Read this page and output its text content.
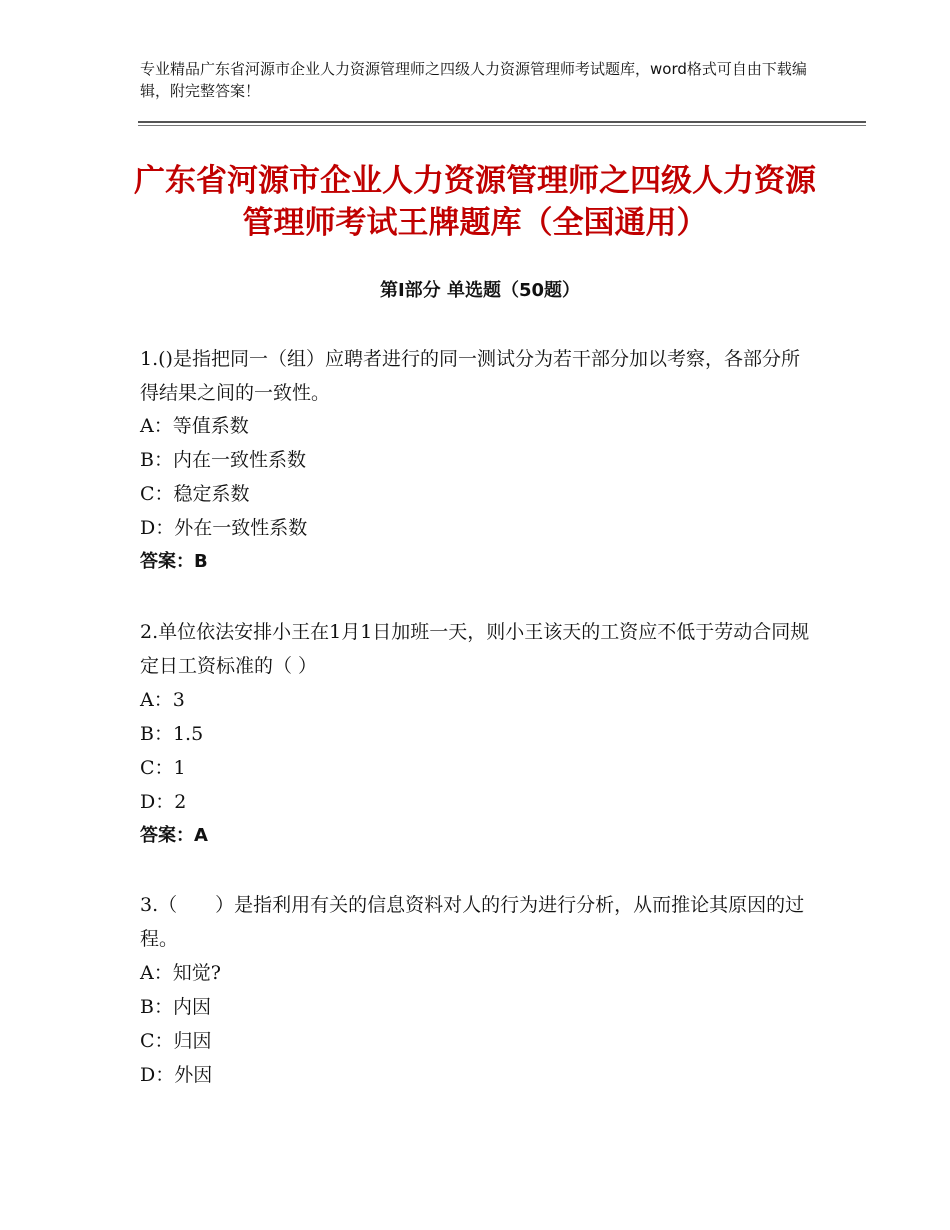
专业精品广东省河源市企业人力资源管理师之四级人力资源管理师考试题库，word格式可自由下载编辑，附完整答案！
广东省河源市企业人力资源管理师之四级人力资源管理师考试王牌题库（全国通用）
第Ⅰ部分 单选题（50题）
1.()是指把同一（组）应聘者进行的同一测试分为若干部分加以考察，各部分所得结果之间的一致性。
A：等值系数
B：内在一致性系数
C：稳定系数
D：外在一致性系数
答案：B
2.单位依法安排小王在1月1日加班一天，则小王该天的工资应不低于劳动合同规定日工资标准的（ ）
A：3
B：1.5
C：1
D：2
答案：A
3.（　　）是指利用有关的信息资料对人的行为进行分析，从而推论其原因的过程。
A：知觉?
B：内因
C：归因
D：外因
